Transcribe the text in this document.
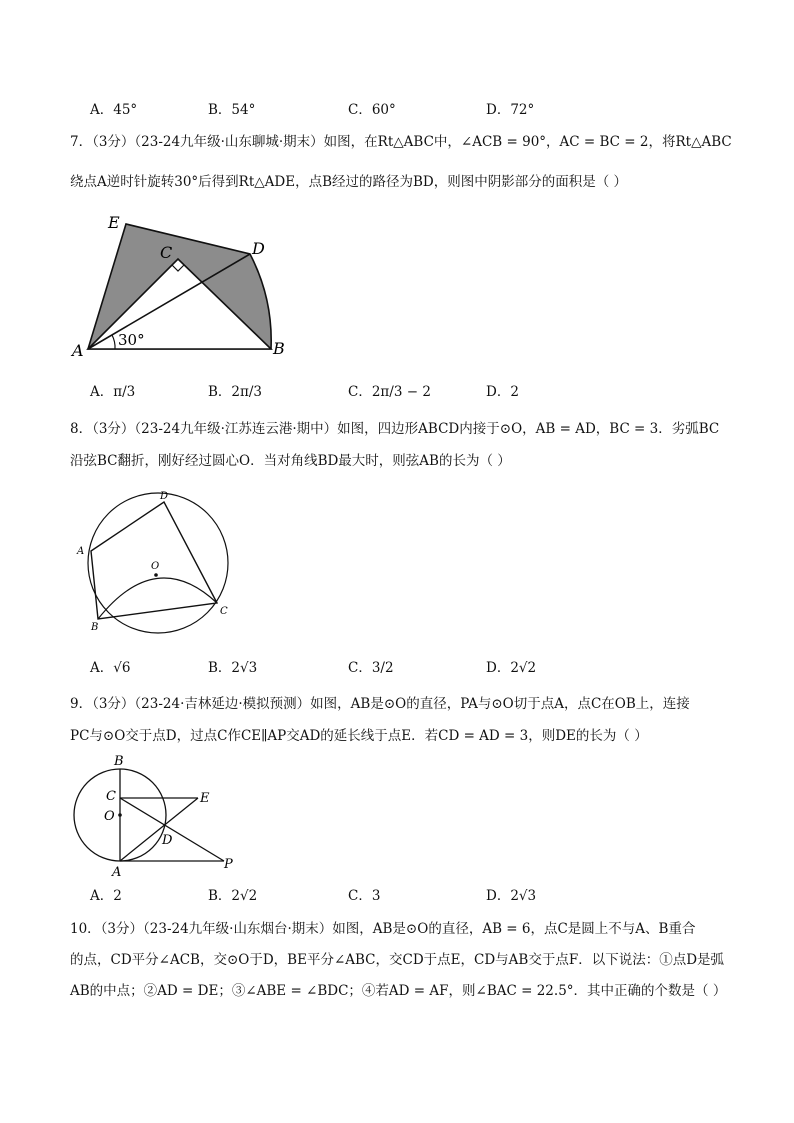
A．45°	B．54°	C．60°	D．72°
7．（3分）（23-24九年级·山东聊城·期末）如图，在Rt△ABC中，∠ACB = 90°，AC = BC = 2，将Rt△ABC
绕点A逆时针旋转30°后得到Rt△ADE，点B经过的路径为BD，则图中阴影部分的面积是（ ）
E
C	D
A	B
30°
A．π/3	B．2π/3	C．2π/3 − 2	D．2
8．（3分）（23-24九年级·江苏连云港·期中）如图，四边形ABCD内接于⊙O，AB = AD，BC = 3．劣弧BC
沿弦BC翻折，刚好经过圆心O．当对角线BD最大时，则弦AB的长为（ ）
D
A
O
B
C
A．√6	B．2√3	C．3/2	D．2√2
9．（3分）（23-24·吉林延边·模拟预测）如图，AB是⊙O的直径，PA与⊙O切于点A，点C在OB上，连接
PC与⊙O交于点D，过点C作CE∥AP交AD的延长线于点E．若CD = AD = 3，则DE的长为（ ）
B
C	E
O
D
A
P
A．2	B．2√2	C．3	D．2√3
10．（3分）（23-24九年级·山东烟台·期末）如图，AB是⊙O的直径，AB = 6，点C是圆上不与A、B重合
的点，CD平分∠ACB，交⊙O于D，BE平分∠ABC，交CD于点E，CD与AB交于点F．以下说法：①点D是弧
AB的中点；②AD = DE；③∠ABE = ∠BDC；④若AD = AF，则∠BAC = 22.5°．其中正确的个数是（ ）
